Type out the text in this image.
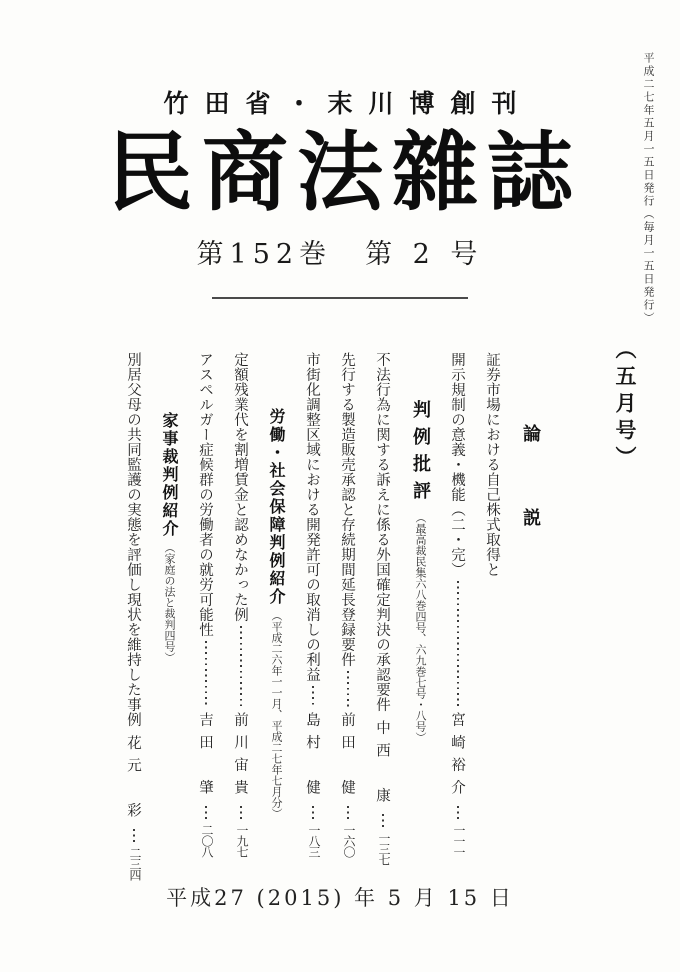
平成二七年五月一五日発行（毎月一五日発行）
竹田省・末川博創刊
民商法雜誌
第152巻　第 2 号
（五月号）
論　　説
証券市場における自己株式取得と
開示規制の意義・機能（二・完）
宮崎裕介
一一一
判例批評（最高裁民集六八巻四号、六九巻七号・八号）
不法行為に関する訴えに係る外国確定判決の承認要件
中西　康
一三七
先行する製造販売承認と存続期間延長登録要件
前田　健
一六〇
市街化調整区域における開発許可の取消しの利益
島村　健
一八三
労働・社会保障判例紹介（平成二六年一一月、平成二七年七月分）
定額残業代を割増賃金と認めなかった例
前川宙貴
一九七
アスペルガー症候群の労働者の就労可能性
吉田　肇
二〇八
家事裁判例紹介（家庭の法と裁判四号）
別居父母の共同監護の実態を評価し現状を維持した事例
花元　彩
二三四
平成27 (2015) 年 5 月 15 日
